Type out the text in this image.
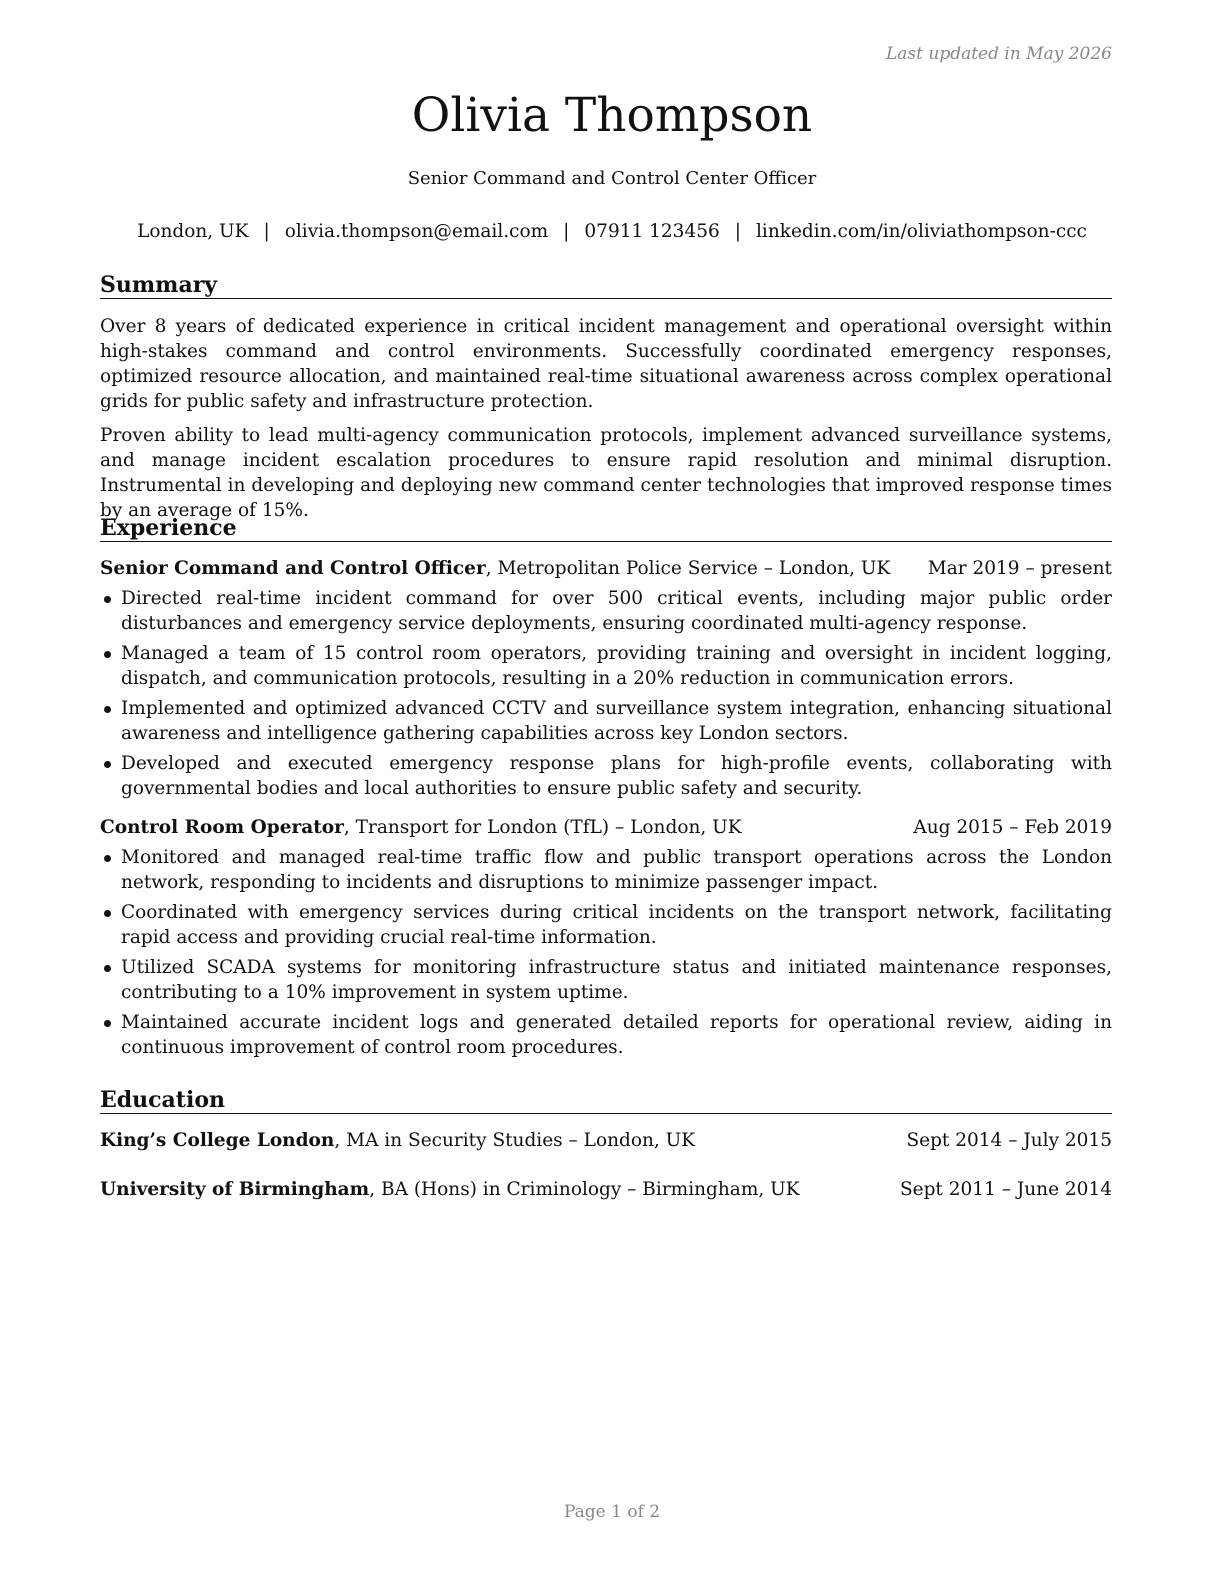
Last updated in May 2026
Olivia Thompson
Senior Command and Control Center Officer
London, UK | olivia.thompson@email.com | 07911 123456 | linkedin.com/in/oliviathompson-ccc
Summary

Over 8 years of dedicated experience in critical incident management and operational oversight within high-stakes command and control environments. Successfully coordinated emergency responses, optimized resource allocation, and maintained real-time situational awareness across complex operational grids for public safety and infrastructure protection.

Proven ability to lead multi-agency communication protocols, implement advanced surveillance systems, and manage incident escalation procedures to ensure rapid resolution and minimal disruption. Instrumental in developing and deploying new command center technologies that improved response times by an average of 15%.

Experience
Senior Command and Control Officer, Metropolitan Police Service – London, UK Mar 2019 – present
Directed real-time incident command for over 500 critical events, including major public order disturbances and emergency service deployments, ensuring coordinated multi-agency response.
Managed a team of 15 control room operators, providing training and oversight in incident logging, dispatch, and communication protocols, resulting in a 20% reduction in communication errors.
Implemented and optimized advanced CCTV and surveillance system integration, enhancing situational awareness and intelligence gathering capabilities across key London sectors.
Developed and executed emergency response plans for high-profile events, collaborating with governmental bodies and local authorities to ensure public safety and security.
Control Room Operator, Transport for London (TfL) – London, UK	Aug 2015 – Feb 2019
Monitored and managed real-time traffic flow and public transport operations across the London network, responding to incidents and disruptions to minimize passenger impact.
Coordinated with emergency services during critical incidents on the transport network, facilitating rapid access and providing crucial real-time information.
Utilized SCADA systems for monitoring infrastructure status and initiated maintenance responses, contributing to a 10% improvement in system uptime.
Maintained accurate incident logs and generated detailed reports for operational review, aiding in continuous improvement of control room procedures.
Education
King’s College London, MA in Security Studies – London, UK	Sept 2014 – July 2015
University of Birmingham, BA (Hons) in Criminology – Birmingham, UK	Sept 2011 – June 2014
Page 1 of 2
